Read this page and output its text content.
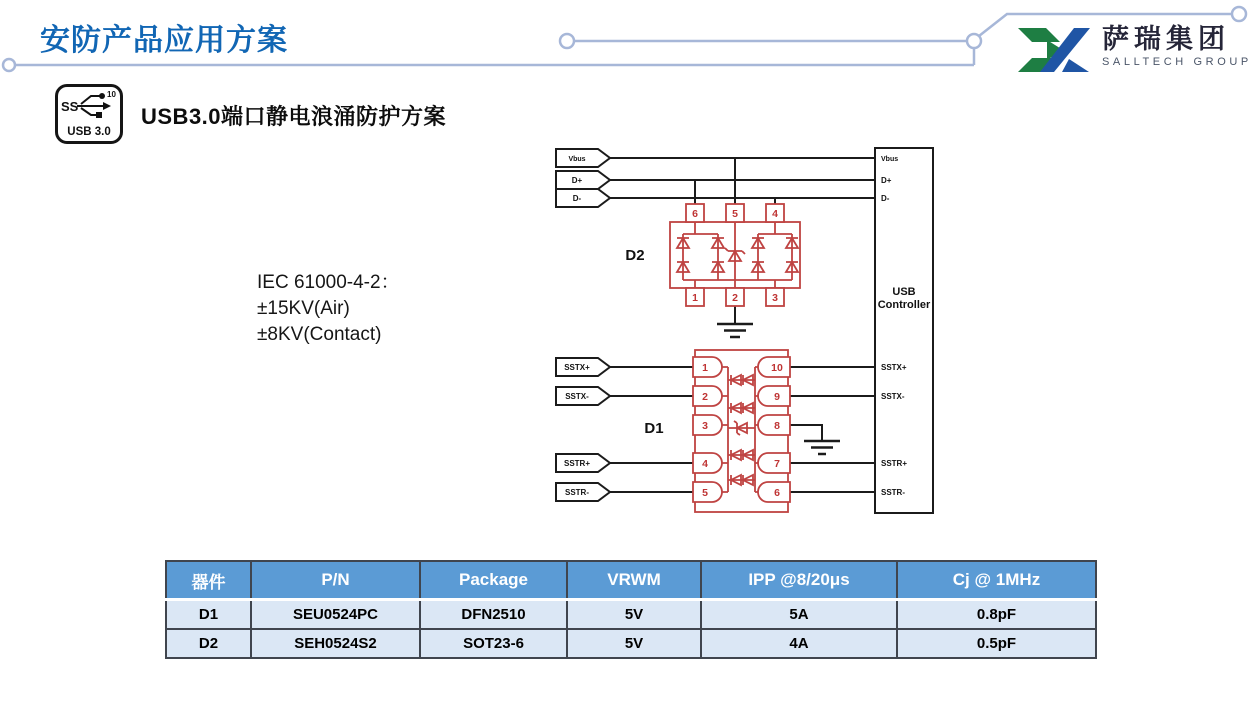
安防产品应用方案	萨瑞集团
SALLTECH GROUP
SS
10
USB 3.0
USB3.0端口静电浪涌防护方案
IEC 61000-4-2：
±15KV(Air)
±8KV(Contact)
Vbus
D+
D-
SSTX+
SSTX-
SSTR+
SSTR-
Vbus
D+
D-
SSTX+
SSTX-
SSTR+
SSTR-
USB
Controller
6	5	4
1	2	3
D2
1
2
3
4
5
10
9
8
7
6
D1
器件	P/N	Package	VRWM	IPP @8/20μs	Cj @ 1MHz
D1	SEU0524PC	DFN2510	5V	5A	0.8pF
D2	SEH0524S2	SOT23-6	5V	4A	0.5pF
